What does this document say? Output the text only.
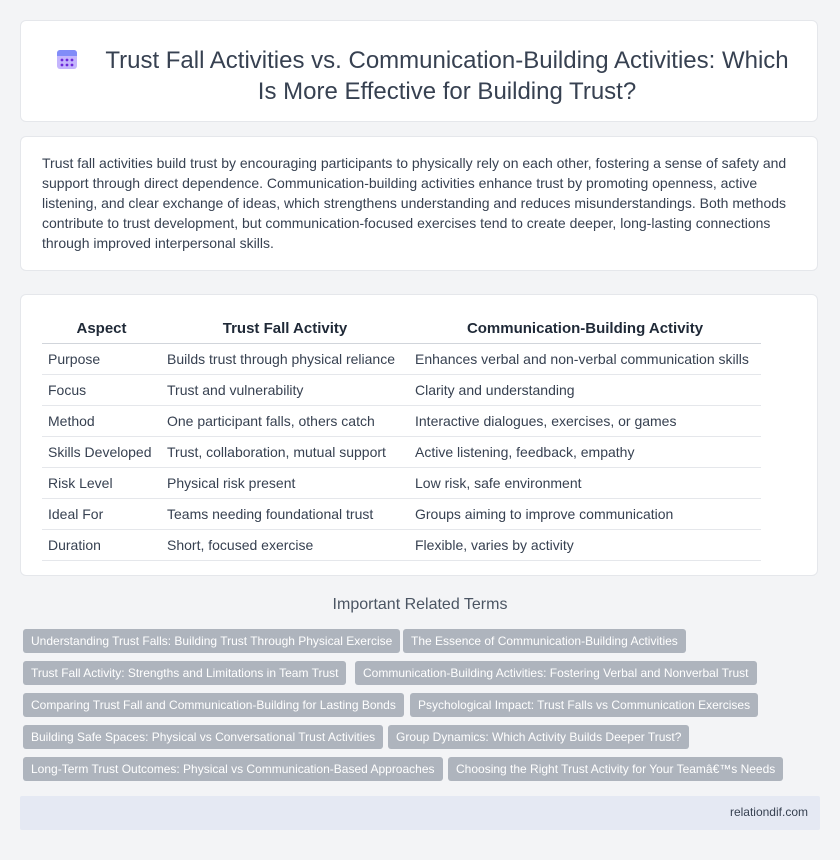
Trust Fall Activities vs. Communication-Building Activities: Which Is More Effective for Building Trust?

Trust fall activities build trust by encouraging participants to physically rely on each other, fostering a sense of safety and support through direct dependence. Communication-building activities enhance trust by promoting openness, active listening, and clear exchange of ideas, which strengthens understanding and reduces misunderstandings. Both methods contribute to trust development, but communication-focused exercises tend to create deeper, long-lasting connections through improved interpersonal skills.

Aspect	Trust Fall Activity	Communication-Building Activity
Purpose	Builds trust through physical reliance	Enhances verbal and non-verbal communication skills
Focus	Trust and vulnerability	Clarity and understanding
Method	One participant falls, others catch	Interactive dialogues, exercises, or games
Skills Developed	Trust, collaboration, mutual support	Active listening, feedback, empathy
Risk Level	Physical risk present	Low risk, safe environment
Ideal For	Teams needing foundational trust	Groups aiming to improve communication
Duration	Short, focused exercise	Flexible, varies by activity
Important Related Terms
Understanding Trust Falls: Building Trust Through Physical Exercise	The Essence of Communication-Building Activities
Trust Fall Activity: Strengths and Limitations in Team Trust	Communication-Building Activities: Fostering Verbal and Nonverbal Trust
Comparing Trust Fall and Communication-Building for Lasting Bonds	Psychological Impact: Trust Falls vs Communication Exercises
Building Safe Spaces: Physical vs Conversational Trust Activities	Group Dynamics: Which Activity Builds Deeper Trust?
Long-Term Trust Outcomes: Physical vs Communication-Based Approaches	Choosing the Right Trust Activity for Your Teamâ€™s Needs
relationdif.com
